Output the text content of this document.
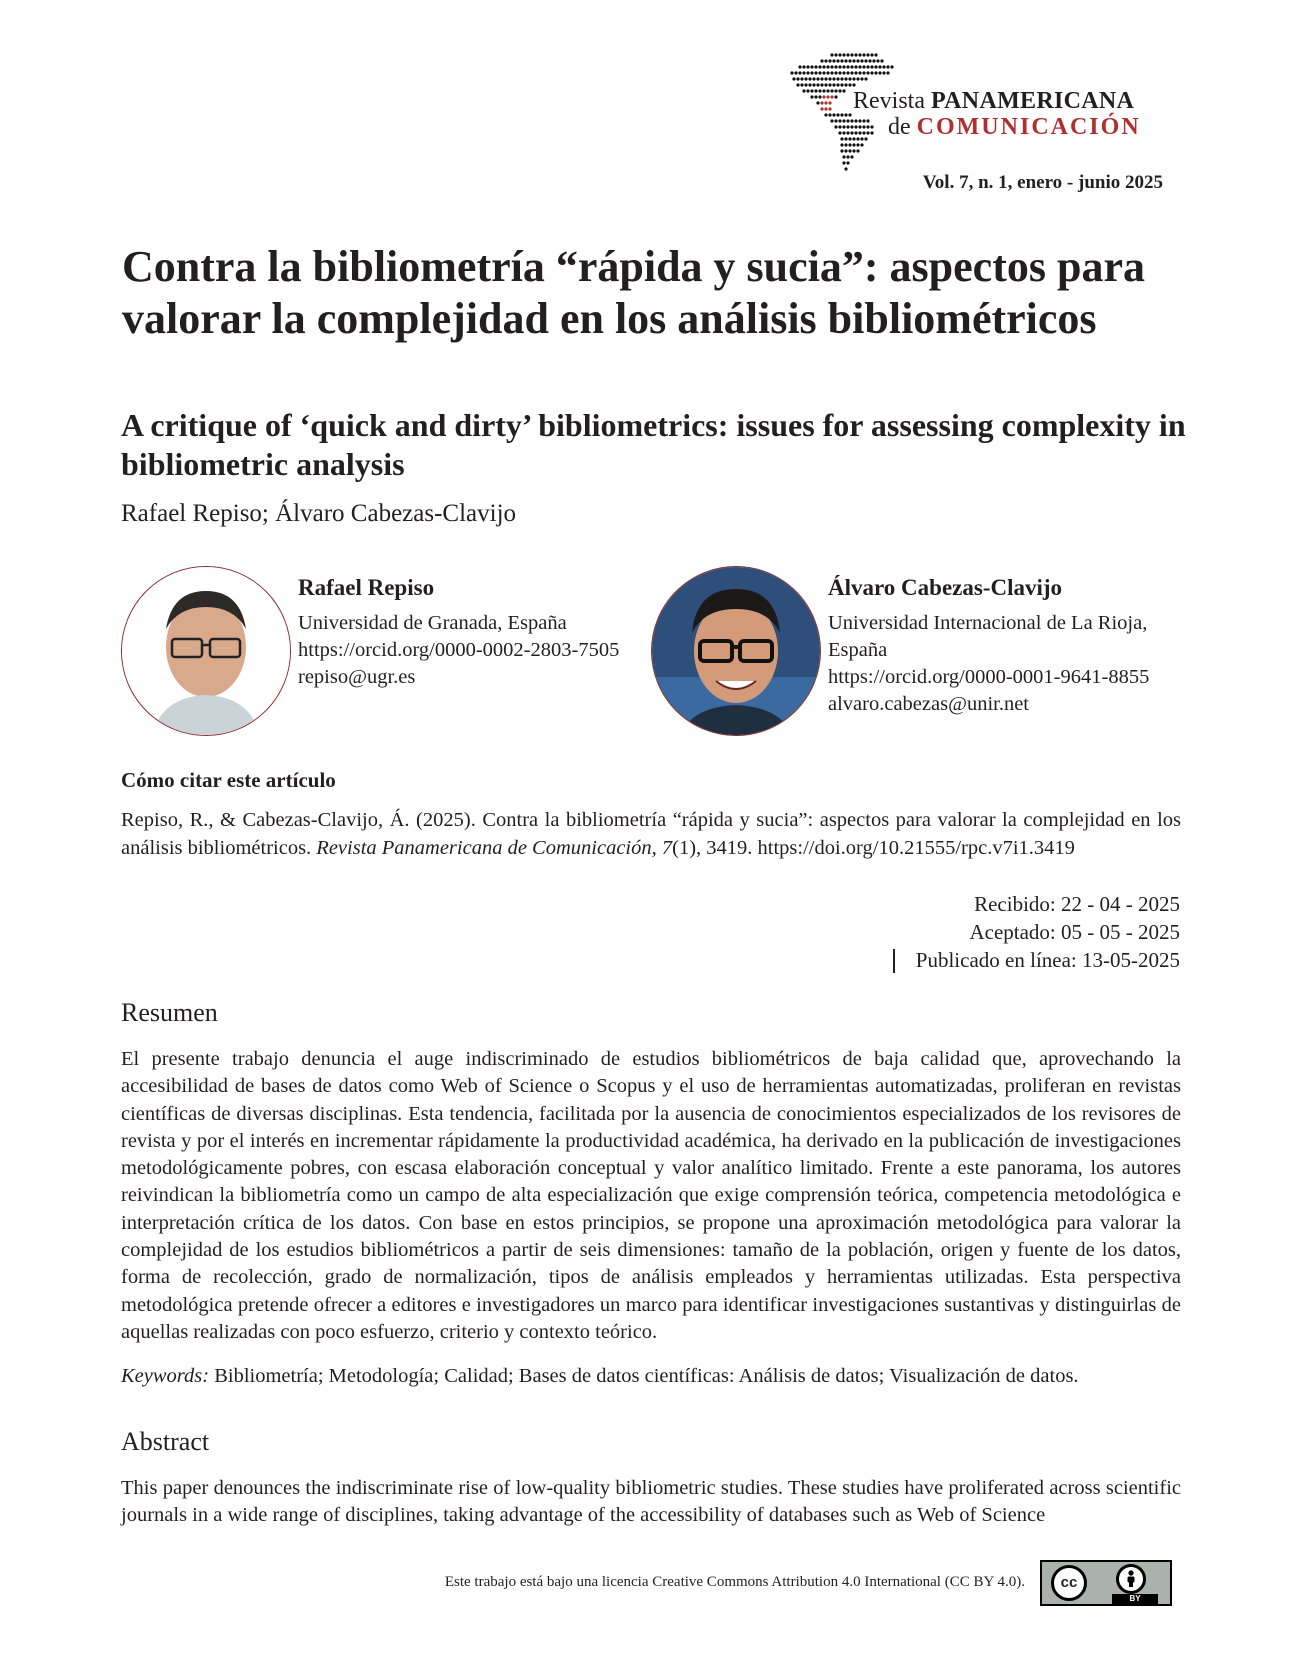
Revista PANAMERICANA
de COMUNICACIÓN
Vol. 7, n. 1, enero - junio 2025
Contra la bibliometría “rápida y sucia”: aspectos para valorar la complejidad en los análisis bibliométricos
A critique of ‘quick and dirty’ bibliometrics: issues for assessing complexity in bibliometric analysis
Rafael Repiso; Álvaro Cabezas-Clavijo
Rafael Repiso
Universidad de Granada, España
https://orcid.org/0000-0002-2803-7505
repiso@ugr.es
Álvaro Cabezas-Clavijo
Universidad Internacional de La Rioja, España
https://orcid.org/0000-0001-9641-8855
alvaro.cabezas@unir.net
Cómo citar este artículo
Repiso, R., & Cabezas-Clavijo, Á. (2025). Contra la bibliometría “rápida y sucia”: aspectos para valorar la complejidad en los análisis bibliométricos. Revista Panamericana de Comunicación, 7(1), 3419. https://doi.org/10.21555/rpc.v7i1.3419
Recibido: 22 - 04 - 2025
Aceptado: 05 - 05 - 2025
Publicado en línea: 13-05-2025
Resumen

El presente trabajo denuncia el auge indiscriminado de estudios bibliométricos de baja calidad que, aprovechando la accesibilidad de bases de datos como Web of Science o Scopus y el uso de herramientas automatizadas, proliferan en revistas científicas de diversas disciplinas. Esta tendencia, facilitada por la ausencia de conocimientos especializados de los revisores de revista y por el interés en incrementar rápidamente la productividad académica, ha derivado en la publicación de investigaciones metodológicamente pobres, con escasa elaboración conceptual y valor analítico limitado. Frente a este panorama, los autores reivindican la bibliometría como un campo de alta especialización que exige comprensión teórica, competencia metodológica e interpretación crítica de los datos. Con base en estos principios, se propone una aproximación metodológica para valorar la complejidad de los estudios bibliométricos a partir de seis dimensiones: tamaño de la población, origen y fuente de los datos, forma de recolección, grado de normalización, tipos de análisis empleados y herramientas utilizadas. Esta perspectiva metodológica pretende ofrecer a editores e investigadores un marco para identificar investigaciones sustantivas y distinguirlas de aquellas realizadas con poco esfuerzo, criterio y contexto teórico.

Keywords: Bibliometría; Metodología; Calidad; Bases de datos científicas: Análisis de datos; Visualización de datos.
Abstract

This paper denounces the indiscriminate rise of low-quality bibliometric studies. These studies have proliferated across scientific journals in a wide range of disciplines, taking advantage of the accessibility of databases such as Web of Science

Este trabajo está bajo una licencia Creative Commons Attribution 4.0 International (CC BY 4.0).	cc
BY
